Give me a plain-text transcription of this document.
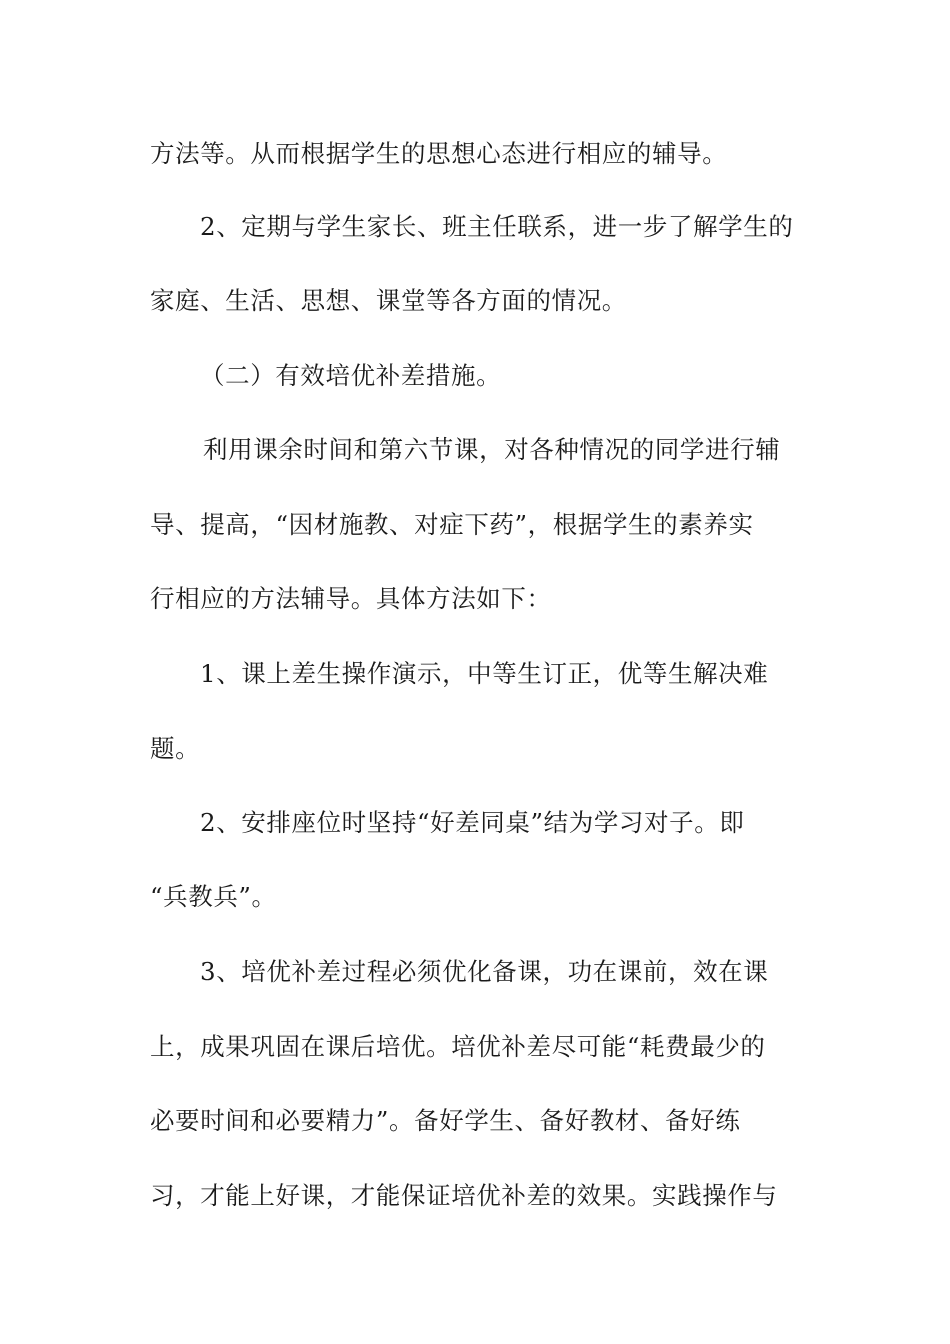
方法等。从而根据学生的思想心态进行相应的辅导。
2、定期与学生家长、班主任联系，进一步了解学生的
家庭、生活、思想、课堂等各方面的情况。
（二）有效培优补差措施。
利用课余时间和第六节课，对各种情况的同学进行辅
导、提高，“因材施教、对症下药”，根据学生的素养实
行相应的方法辅导。具体方法如下：
1、课上差生操作演示，中等生订正，优等生解决难
题。
2、安排座位时坚持“好差同桌”结为学习对子。即
“兵教兵”。
3、培优补差过程必须优化备课，功在课前，效在课
上，成果巩固在课后培优。培优补差尽可能“耗费最少的
必要时间和必要精力”。备好学生、备好教材、备好练
习，才能上好课，才能保证培优补差的效果。实践操作与
